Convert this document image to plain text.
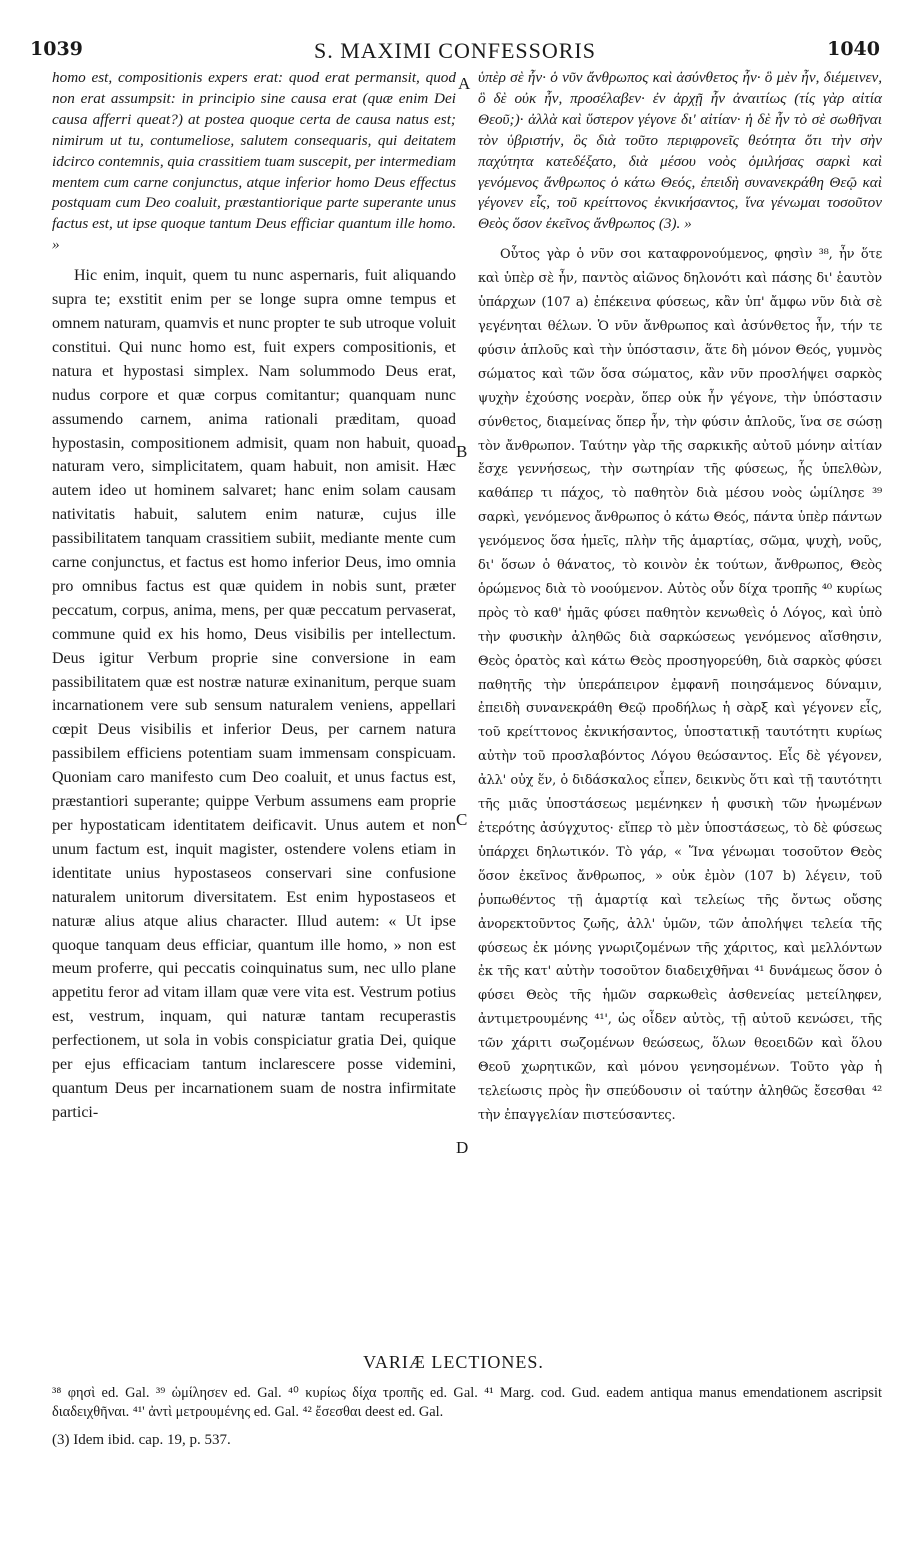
1039	S. MAXIMI CONFESSORIS	1040

homo est, compositionis expers erat: quod erat permansit, quod non erat assumpsit: in principio sine causa erat (quæ enim Dei causa afferri queat?) at postea quoque certa de causa natus est; nimirum ut tu, contumeliose, salutem consequaris, qui deitatem idcirco contemnis, quia crassitiem tuam suscepit, per intermediam mentem cum carne conjunctus, atque inferior homo Deus effectus postquam cum Deo coaluit, præstantiorique parte superante unus factus est, ut ipse quoque tantum Deus efficiar quantum ille homo. »

Hic enim, inquit, quem tu nunc aspernaris, fuit aliquando supra te; exstitit enim per se longe supra omne tempus et omnem naturam, quamvis et nunc propter te sub utroque voluit constitui. Qui nunc homo est, fuit expers compositionis, et natura et hypostasi simplex. Nam solummodo Deus erat, nudus corpore et quæ corpus comitantur; quanquam nunc assumendo carnem, anima rationali præditam, quoad hypostasin, compositionem admisit, quam non habuit, quoad naturam vero, simplicitatem, quam habuit, non amisit. Hæc autem ideo ut hominem salvaret; hanc enim solam causam nativitatis habuit, salutem enim naturæ, cujus ille passibilitatem tanquam crassitiem subiit, mediante mente cum carne conjunctus, et factus est homo inferior Deus, imo omnia pro omnibus factus est quæ quidem in nobis sunt, præter peccatum, corpus, anima, mens, per quæ peccatum pervaserat, commune quid ex his homo, Deus visibilis per intellectum. Deus igitur Verbum proprie sine conversione in eam passibilitatem quæ est nostræ naturæ exinanitum, perque suam incarnationem vere sub sensum naturalem veniens, appellari cœpit Deus visibilis et inferior Deus, per carnem natura passibilem efficiens potentiam suam immensam conspicuam. Quoniam caro manifesto cum Deo coaluit, et unus factus est, præstantiori superante; quippe Verbum assumens eam proprie per hypostaticam identitatem deificavit. Unus autem et non unum factum est, inquit magister, ostendere volens etiam in identitate unius hypostaseos conservari sine confusione naturalem unitorum diversitatem. Est enim hypostaseos et naturæ alius atque alius character. Illud autem: « Ut ipse quoque tanquam deus efficiar, quantum ille homo, » non est meum proferre, qui peccatis coinquinatus sum, nec ullo plane appetitu feror ad vitam illam quæ vere vita est. Vestrum potius est, vestrum, inquam, qui naturæ tantam recuperastis perfectionem, ut sola in vobis conspiciatur gratia Dei, quique per ejus efficaciam tantum inclarescere posse videmini, quantum Deus per incarnationem suam de nostra infirmitate partici-

A
B
C
D

ὑπὲρ σὲ ἦν· ὁ νῦν ἄνθρωπος καὶ ἀσύνθετος ἦν· ὃ μὲν ἦν, διέμεινεν, ὃ δὲ οὐκ ἦν, προσέλαβεν· ἐν ἀρχῇ ἦν ἀναιτίως (τίς γὰρ αἰτία Θεοῦ;)· ἀλλὰ καὶ ὕστερον γέγονε δι' αἰτίαν· ἡ δὲ ἦν τὸ σὲ σωθῆναι τὸν ὑβριστήν, ὃς διὰ τοῦτο περιφρονεῖς θεότητα ὅτι τὴν σὴν παχύτητα κατεδέξατο, διὰ μέσου νοὸς ὁμιλήσας σαρκὶ καὶ γενόμενος ἄνθρωπος ὁ κάτω Θεός, ἐπειδὴ συνανεκράθη Θεῷ καὶ γέγονεν εἷς, τοῦ κρείττονος ἐκνικήσαντος, ἵνα γένωμαι τοσοῦτον Θεὸς ὅσον ἐκεῖνος ἄνθρωπος (3). »

Οὗτος γὰρ ὁ νῦν σοι καταφρονούμενος, φησὶν ³⁸, ἦν ὅτε καὶ ὑπὲρ σὲ ἦν, παντὸς αἰῶνος δηλονότι καὶ πάσης δι' ἑαυτὸν ὑπάρχων (107 a) ἐπέκεινα φύσεως, κἂν ὑπ' ἄμφω νῦν διὰ σὲ γεγένηται θέλων. Ὁ νῦν ἄνθρωπος καὶ ἀσύνθετος ἦν, τήν τε φύσιν ἁπλοῦς καὶ τὴν ὑπόστασιν, ἅτε δὴ μόνον Θεός, γυμνὸς σώματος καὶ τῶν ὅσα σώματος, κἂν νῦν προσλήψει σαρκὸς ψυχὴν ἐχούσης νοερὰν, ὅπερ οὐκ ἦν γέγονε, τὴν ὑπόστασιν σύνθετος, διαμείνας ὅπερ ἦν, τὴν φύσιν ἁπλοῦς, ἵνα σε σώσῃ τὸν ἄνθρωπον. Ταύτην γὰρ τῆς σαρκικῆς αὐτοῦ μόνην αἰτίαν ἔσχε γεννήσεως, τὴν σωτηρίαν τῆς φύσεως, ἧς ὑπελθὼν, καθάπερ τι πάχος, τὸ παθητὸν διὰ μέσου νοὸς ὡμίλησε ³⁹ σαρκὶ, γενόμενος ἄνθρωπος ὁ κάτω Θεός, πάντα ὑπὲρ πάντων γενόμενος ὅσα ἡμεῖς, πλὴν τῆς ἁμαρτίας, σῶμα, ψυχὴ, νοῦς, δι' ὅσων ὁ θάνατος, τὸ κοινὸν ἐκ τούτων, ἄνθρωπος, Θεὸς ὁρώμενος διὰ τὸ νοούμενον. Αὐτὸς οὖν δίχα τροπῆς ⁴⁰ κυρίως πρὸς τὸ καθ' ἡμᾶς φύσει παθητὸν κενωθεὶς ὁ Λόγος, καὶ ὑπὸ τὴν φυσικὴν ἀληθῶς διὰ σαρκώσεως γενόμενος αἴσθησιν, Θεὸς ὁρατὸς καὶ κάτω Θεὸς προσηγορεύθη, διὰ σαρκὸς φύσει παθητῆς τὴν ὑπεράπειρον ἐμφανῆ ποιησάμενος δύναμιν, ἐπειδὴ συνανεκράθη Θεῷ προδήλως ἡ σὰρξ καὶ γέγονεν εἷς, τοῦ κρείττονος ἐκνικήσαντος, ὑποστατικῇ ταυτότητι κυρίως αὐτὴν τοῦ προσλαβόντος Λόγου θεώσαντος. Εἷς δὲ γέγονεν, ἀλλ' οὐχ ἕν, ὁ διδάσκαλος εἶπεν, δεικνὺς ὅτι καὶ τῇ ταυτότητι τῆς μιᾶς ὑποστάσεως μεμένηκεν ἡ φυσικὴ τῶν ἡνωμένων ἑτερότης ἀσύγχυτος· εἴπερ τὸ μὲν ὑποστάσεως, τὸ δὲ φύσεως ὑπάρχει δηλωτικόν. Τὸ γάρ, « Ἵνα γένωμαι τοσοῦτον Θεὸς ὅσον ἐκεῖνος ἄνθρωπος, » οὐκ ἐμὸν (107 b) λέγειν, τοῦ ῥυπωθέντος τῇ ἁμαρτίᾳ καὶ τελείως τῆς ὄντως οὔσης ἀνορεκτοῦντος ζωῆς, ἀλλ' ὑμῶν, τῶν ἀπολήψει τελεία τῆς φύσεως ἐκ μόνης γνωριζομένων τῆς χάριτος, καὶ μελλόντων ἐκ τῆς κατ' αὐτὴν τοσοῦτον διαδειχθῆναι ⁴¹ δυνάμεως ὅσον ὁ φύσει Θεὸς τῆς ἡμῶν σαρκωθεὶς ἀσθενείας μετείληφεν, ἀντιμετρουμένης ⁴¹', ὡς οἶδεν αὐτὸς, τῇ αὐτοῦ κενώσει, τῆς τῶν χάριτι σωζομένων θεώσεως, ὅλων θεοειδῶν καὶ ὅλου Θεοῦ χωρητικῶν, καὶ μόνου γενησομένων. Τοῦτο γὰρ ἡ τελείωσις πρὸς ἣν σπεύδουσιν οἱ ταύτην ἀληθῶς ἔσεσθαι ⁴² τὴν ἐπαγγελίαν πιστεύσαντες.

VARIÆ LECTIONES.
³⁸ φησὶ ed. Gal. ³⁹ ὡμίλησεν ed. Gal. ⁴⁰ κυρίως δίχα τροπῆς ed. Gal. ⁴¹ Marg. cod. Gud. eadem antiqua manus emendationem ascripsit διαδειχθῆναι. ⁴¹' ἀντὶ μετρουμένης ed. Gal. ⁴² ἔσεσθαι deest ed. Gal.
(3) Idem ibid. cap. 19, p. 537.
